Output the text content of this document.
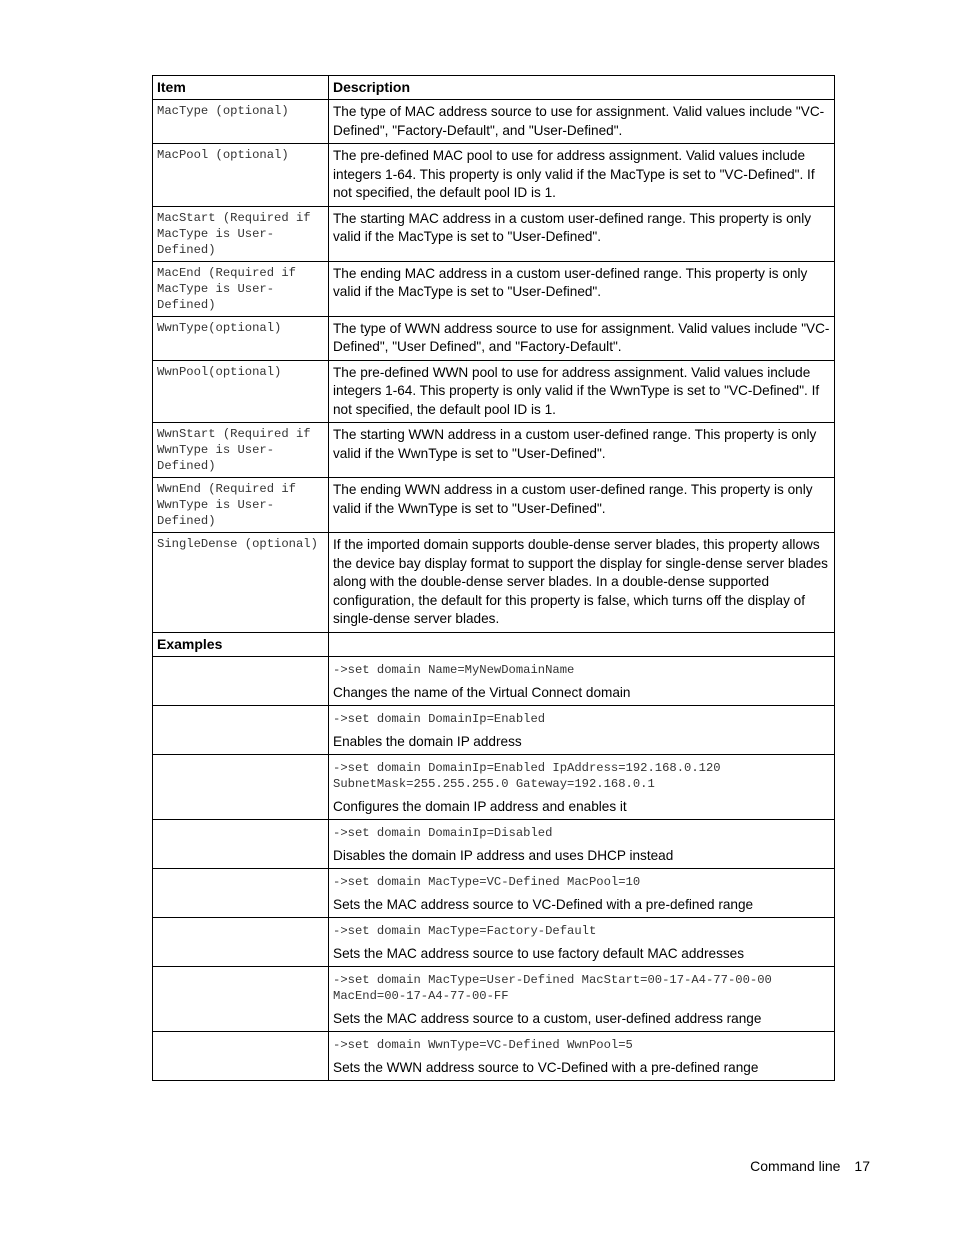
Item	Description

MacType (optional)	The type of MAC address source to use for assignment. Valid values include "VC-Defined", "Factory-Default", and "User-Defined".

MacPool (optional)	The pre-defined MAC pool to use for address assignment. Valid values include integers 1-64. This property is only valid if the MacType is set to "VC-Defined". If not specified, the default pool ID is 1.

MacStart (Required if MacType is User-Defined)	The starting MAC address in a custom user-defined range. This property is only valid if the MacType is set to "User-Defined".

MacEnd (Required if MacType is User-Defined)	The ending MAC address in a custom user-defined range. This property is only valid if the MacType is set to "User-Defined".

WwnType(optional)	The type of WWN address source to use for assignment. Valid values include "VC-Defined", "User Defined", and "Factory-Default".

WwnPool(optional)	The pre-defined WWN pool to use for address assignment. Valid values include integers 1-64. This property is only valid if the WwnType is set to "VC-Defined". If not specified, the default pool ID is 1.

WwnStart (Required if WwnType is User-Defined)	The starting WWN address in a custom user-defined range. This property is only valid if the WwnType is set to "User-Defined".

WwnEnd (Required if WwnType is User-Defined)	The ending WWN address in a custom user-defined range. This property is only valid if the WwnType is set to "User-Defined".

SingleDense (optional)	If the imported domain supports double-dense server blades, this property allows the device bay display format to support the display for single-dense server blades along with the double-dense server blades. In a double-dense supported configuration, the default for this property is false, which turns off the display of single-dense server blades.
Examples	

	->set domain Name=MyNewDomainName
Changes the name of the Virtual Connect domain

	->set domain DomainIp=Enabled
Enables the domain IP address

	->set domain DomainIp=Enabled IpAddress=192.168.0.120 SubnetMask=255.255.255.0 Gateway=192.168.0.1
Configures the domain IP address and enables it

	->set domain DomainIp=Disabled
Disables the domain IP address and uses DHCP instead

	->set domain MacType=VC-Defined MacPool=10
Sets the MAC address source to VC-Defined with a pre-defined range

	->set domain MacType=Factory-Default
Sets the MAC address source to use factory default MAC addresses

	->set domain MacType=User-Defined MacStart=00-17-A4-77-00-00 MacEnd=00-17-A4-77-00-FF
Sets the MAC address source to a custom, user-defined address range

	->set domain WwnType=VC-Defined WwnPool=5
Sets the WWN address source to VC-Defined with a pre-defined range
Command line 17
